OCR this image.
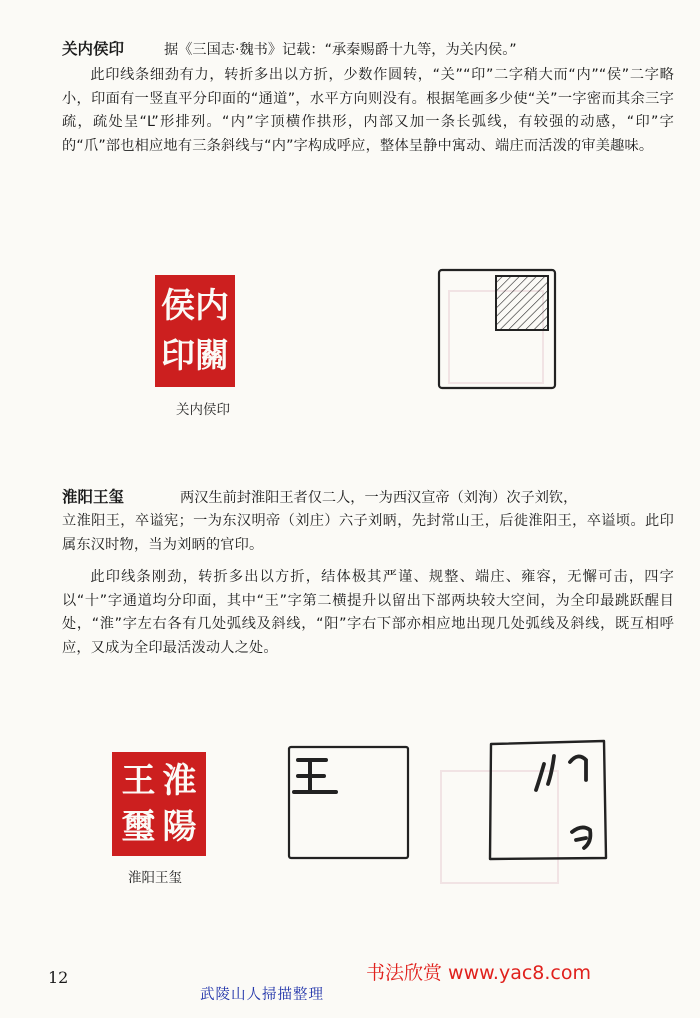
关内侯印	据《三国志·魏书》记载：“承秦赐爵十九等，为关内侯。”
此印线条细劲有力，转折多出以方折，少数作圆转，“关”“印”二字稍大而“内”“侯”二字略小，印面有一竖直平分印面的“通道”，水平方向则没有。根据笔画多少使“关”一字密而其余三字疏，疏处呈“L”形排列。“内”字顶横作拱形，内部又加一条长弧线，有较强的动感，“印”字的“爪”部也相应地有三条斜线与“内”字构成呼应，整体呈静中寓动、端庄而活泼的审美趣味。
内
侯
關
印
关内侯印
淮阳王玺	两汉生前封淮阳王者仅二人，一为西汉宣帝（刘洵）次子刘钦，
立淮阳王，卒谥宪；一为东汉明帝（刘庄）六子刘昞，先封常山王，后徙淮阳王，卒谥顷。此印属东汉时物，当为刘昞的官印。
此印线条刚劲，转折多出以方折，结体极其严谨、规整、端庄、雍容，无懈可击，四字以“十”字通道均分印面，其中“王”字第二横提升以留出下部两块较大空间，为全印最跳跃醒目处，“淮”字左右各有几处弧线及斜线，“阳”字右下部亦相应地出现几处弧线及斜线，既互相呼应，又成为全印最活泼动人之处。
淮
王
陽
璽
淮阳王玺
12	书法欣赏 www.yac8.com
武陵山人掃描整理
